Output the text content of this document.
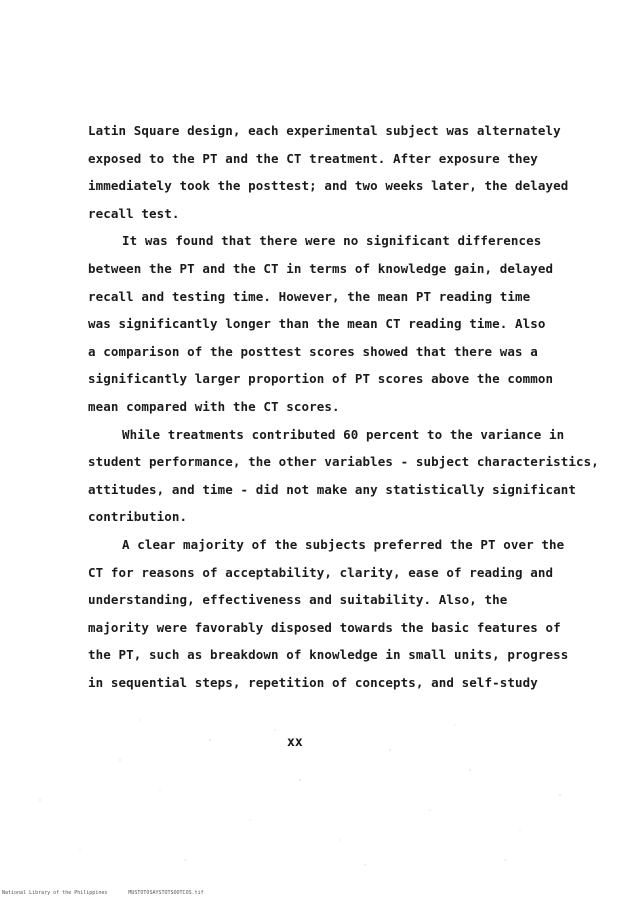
Latin Square design, each experimental subject was alternately
exposed to the PT and the CT treatment. After exposure they
immediately took the posttest; and two weeks later, the delayed
recall test.
It was found that there were no significant differences
between the PT and the CT in terms of knowledge gain, delayed
recall and testing time. However, the mean PT reading time
was significantly longer than the mean CT reading time. Also
a comparison of the posttest scores showed that there was a
significantly larger proportion of PT scores above the common
mean compared with the CT scores.
While treatments contributed 60 percent to the variance in
student performance, the other variables - subject characteristics,
attitudes, and time - did not make any statistically significant
contribution.
A clear majority of the subjects preferred the PT over the
CT for reasons of acceptability, clarity, ease of reading and
understanding, effectiveness and suitability. Also, the
majority were favorably disposed towards the basic features of
the PT, such as breakdown of knowledge in small units, progress
in sequential steps, repetition of concepts, and self-study
xx
National Library of the Philippines	MUSTOTOSAYSTOTSOOTCOS.tif
